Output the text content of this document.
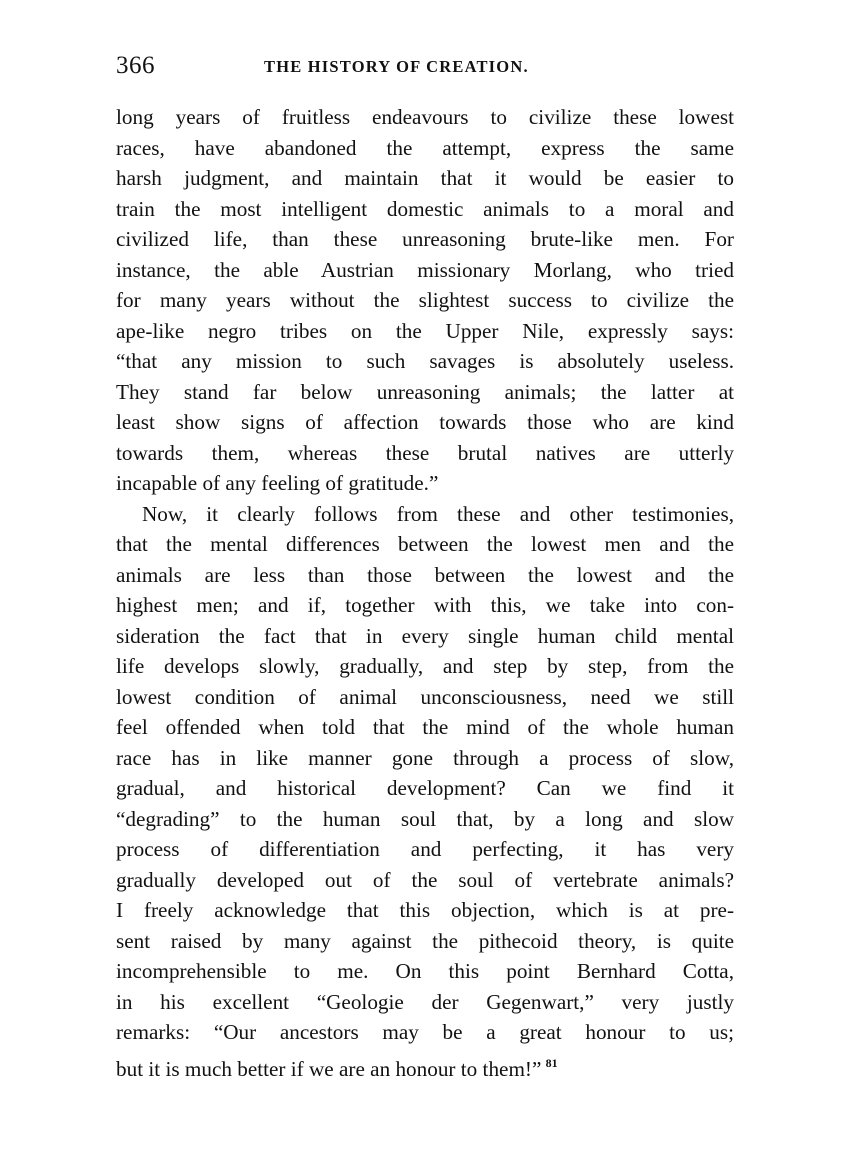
366	THE HISTORY OF CREATION.
long years of fruitless endeavours to civilize these lowest
races, have abandoned the attempt, express the same
harsh judgment, and maintain that it would be easier to
train the most intelligent domestic animals to a moral and
civilized life, than these unreasoning brute-like men. For
instance, the able Austrian missionary Morlang, who tried
for many years without the slightest success to civilize the
ape-like negro tribes on the Upper Nile, expressly says:
“that any mission to such savages is absolutely useless.
They stand far below unreasoning animals; the latter at
least show signs of affection towards those who are kind
towards them, whereas these brutal natives are utterly
incapable of any feeling of gratitude.”
Now, it clearly follows from these and other testimonies,
that the mental differences between the lowest men and the
animals are less than those between the lowest and the
highest men; and if, together with this, we take into con-
sideration the fact that in every single human child mental
life develops slowly, gradually, and step by step, from the
lowest condition of animal unconsciousness, need we still
feel offended when told that the mind of the whole human
race has in like manner gone through a process of slow,
gradual, and historical development? Can we find it
“degrading” to the human soul that, by a long and slow
process of differentiation and perfecting, it has very
gradually developed out of the soul of vertebrate animals?
I freely acknowledge that this objection, which is at pre-
sent raised by many against the pithecoid theory, is quite
incomprehensible to me. On this point Bernhard Cotta,
in his excellent “Geologie der Gegenwart,” very justly
remarks: “Our ancestors may be a great honour to us;
but it is much better if we are an honour to them!”  $^{81}$
